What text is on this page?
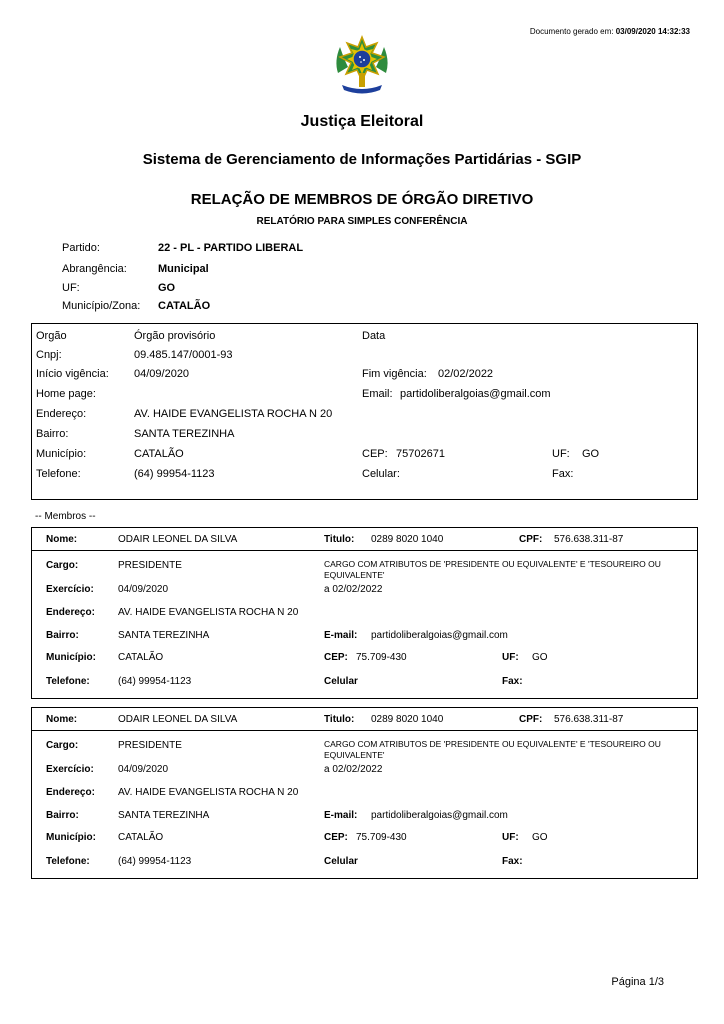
Documento gerado em: 03/09/2020 14:32:33
Justiça Eleitoral
Sistema de Gerenciamento de Informações Partidárias - SGIP
RELAÇÃO DE MEMBROS DE ÓRGÃO DIRETIVO
RELATÓRIO PARA SIMPLES CONFERÊNCIA
Partido:	22 - PL - PARTIDO LIBERAL
Abrangência:	Municipal
UF:	GO
Município/Zona: CATALÃO
Orgão	Órgão provisório	Data
Cnpj:	09.485.147/0001-93
Início vigência: 04/09/2020	Fim vigência: 02/02/2022
Home page:	Email: partidoliberalgoias@gmail.com
Endereço:	AV. HAIDE EVANGELISTA ROCHA N 20
Bairro:	SANTA TEREZINHA
Município:	CATALÃO	CEP: 75702671	UF: GO
Telefone:	(64) 99954-1123	Celular:	Fax:
-- Membros --
Nome:	ODAIR LEONEL DA SILVA	Titulo: 0289 8020 1040	CPF: 576.638.311-87
Cargo:	PRESIDENTE	CARGO COM ATRIBUTOS DE 'PRESIDENTE OU EQUIVALENTE' E 'TESOUREIRO OU EQUIVALENTE'
Exercício: 04/09/2020	a 02/02/2022
Endereço: AV. HAIDE EVANGELISTA ROCHA N 20
Bairro:	SANTA TEREZINHA	E-mail: partidoliberalgoias@gmail.com
Município: CATALÃO	CEP: 75.709-430	UF: GO
Telefone:	(64) 99954-1123	Celular	Fax:
Nome:	ODAIR LEONEL DA SILVA	Titulo: 0289 8020 1040	CPF: 576.638.311-87
Cargo:	PRESIDENTE	CARGO COM ATRIBUTOS DE 'PRESIDENTE OU EQUIVALENTE' E 'TESOUREIRO OU EQUIVALENTE'
Exercício: 04/09/2020	a 02/02/2022
Endereço: AV. HAIDE EVANGELISTA ROCHA N 20
Bairro:	SANTA TEREZINHA	E-mail: partidoliberalgoias@gmail.com
Município: CATALÃO	CEP: 75.709-430	UF: GO
Telefone:	(64) 99954-1123	Celular	Fax:
Página 1/3
